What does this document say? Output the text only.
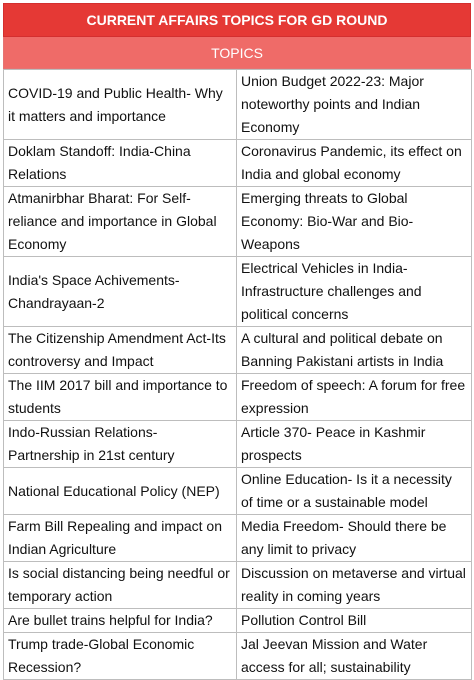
CURRENT AFFAIRS TOPICS FOR GD ROUND
TOPICS
COVID-19 and Public Health- Why it matters and importance	Union Budget 2022-23: Major noteworthy points and Indian Economy
Doklam Standoff: India-China Relations	Coronavirus Pandemic, its effect on India and global economy
Atmanirbhar Bharat: For Self-reliance and importance in Global Economy	Emerging threats to Global Economy: Bio-War and Bio-Weapons
India's Space Achivements- Chandrayaan-2	Electrical Vehicles in India- Infrastructure challenges and political concerns
The Citizenship Amendment Act-Its controversy and Impact	A cultural and political debate on Banning Pakistani artists in India
The IIM 2017 bill and importance to students	Freedom of speech: A forum for free expression
Indo-Russian Relations- Partnership in 21st century	Article 370- Peace in Kashmir prospects
National Educational Policy (NEP)	Online Education- Is it a necessity of time or a sustainable model
Farm Bill Repealing and impact on Indian Agriculture	Media Freedom- Should there be any limit to privacy
Is social distancing being needful or temporary action	Discussion on metaverse and virtual reality in coming years
Are bullet trains helpful for India?	Pollution Control Bill
Trump trade-Global Economic Recession?	Jal Jeevan Mission and Water access for all; sustainability
